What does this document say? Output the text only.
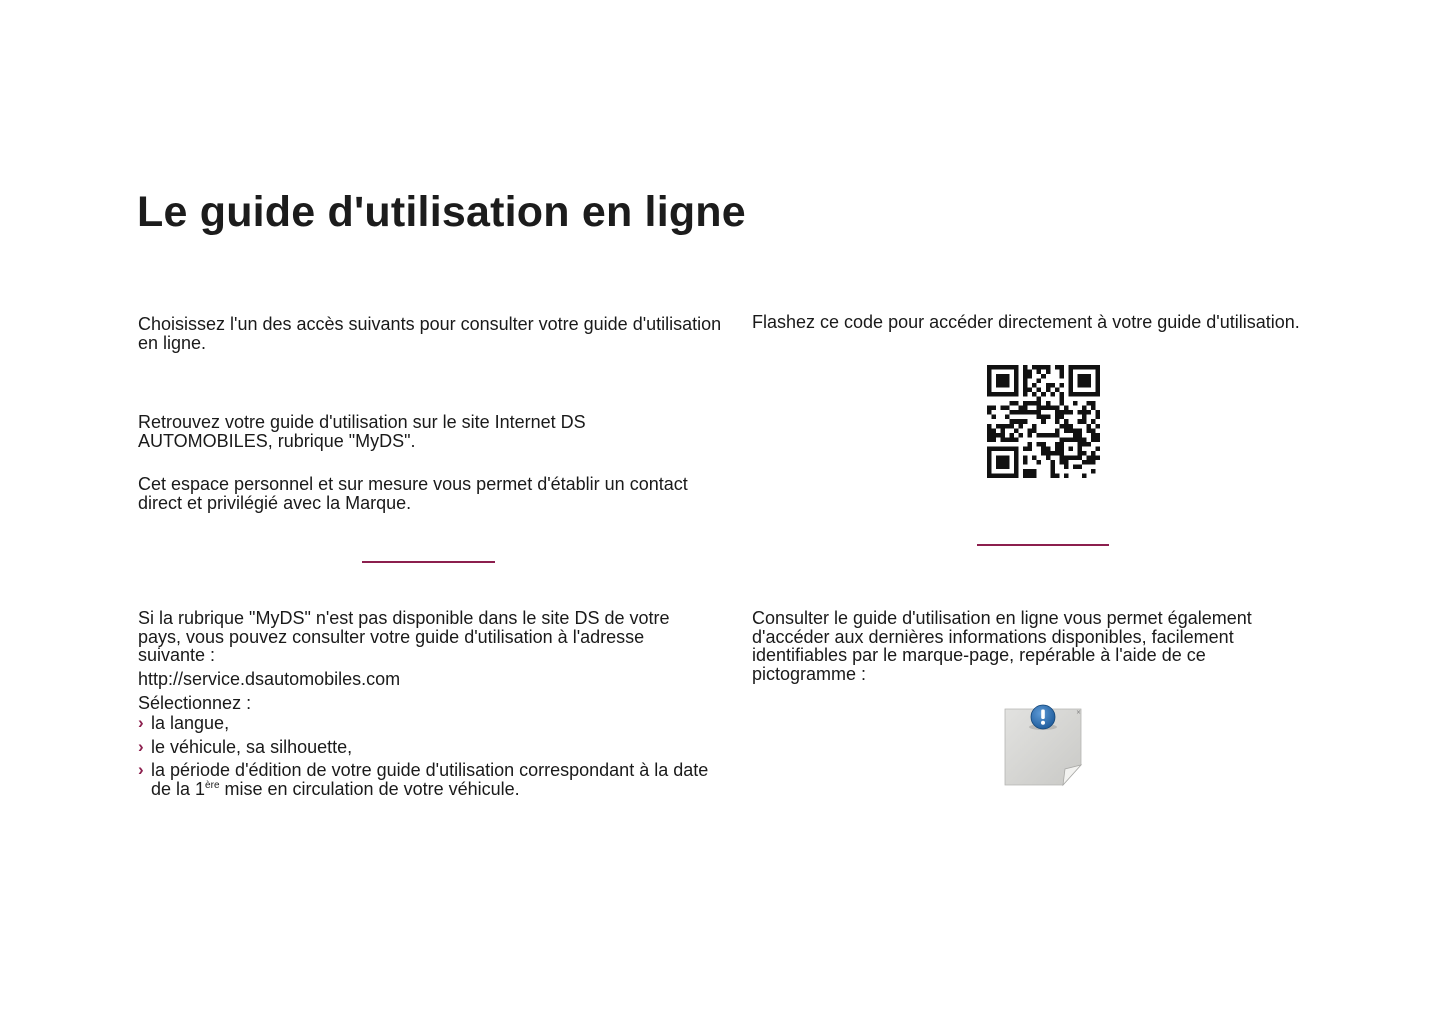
Le guide d'utilisation en ligne

Choisissez l'un des accès suivants pour consulter votre guide d'utilisation en ligne.

Retrouvez votre guide d'utilisation sur le site Internet DS AUTOMOBILES, rubrique "MyDS".

Cet espace personnel et sur mesure vous permet d'établir un contact direct et privilégié avec la Marque.

Si la rubrique "MyDS" n'est pas disponible dans le site DS de votre pays, vous pouvez consulter votre guide d'utilisation à l'adresse suivante :

http://service.dsautomobiles.com

Sélectionnez :

› la langue,
› le véhicule, sa silhouette,
› la période d'édition de votre guide d'utilisation correspondant à la date de la 1ère mise en circulation de votre véhicule.

Flashez ce code pour accéder directement à votre guide d'utilisation.

Consulter le guide d'utilisation en ligne vous permet également d'accéder aux dernières informations disponibles, facilement identifiables par le marque-page, repérable à l'aide de ce pictogramme :

×
